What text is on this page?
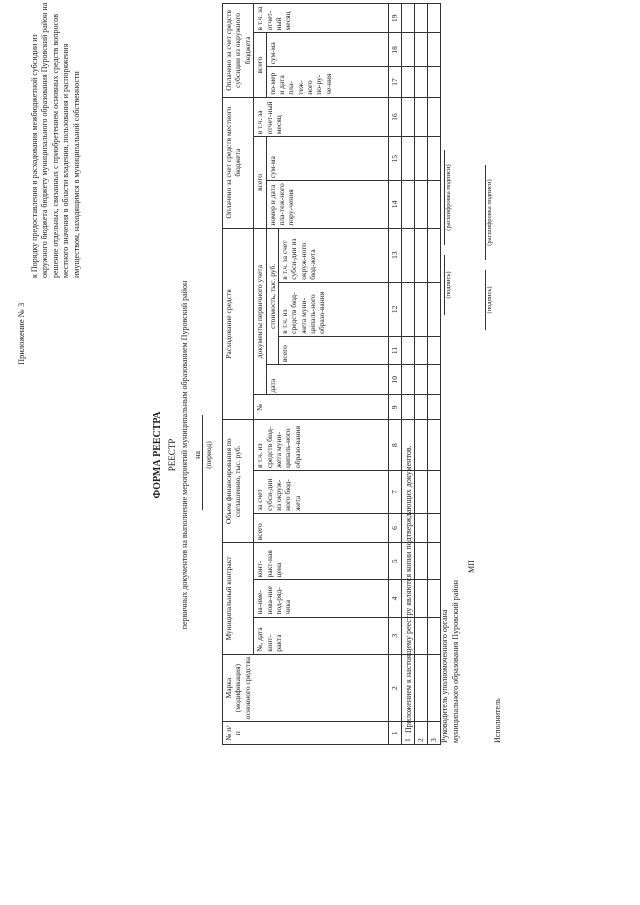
Приложение № 3
к Порядку предоставления и расходования межбюджетной субсидии из окружного бюджета бюджету муниципального образования Пуровский район на решение отдельных, связанных с приобретением основных средств вопросов местного значения в области владения, пользования и распоряжения имуществом, находящимся в муниципальной собственности
ФОРМА РЕЕСТРА РЕЕСТР первичных документов на выполнение мероприятий муниципальным образованием Пуровский район на (период)
№ п/п	Марка (модификация) основного средства	Муниципальный контракт			Объем финансирования по соглашению, тыс. руб.			Расходование средств					Оплачено за счет средств местного бюджета			Оплачено за счет средств субсидии из окружного бюджета		
		№, дата конт-ракта	на-име-нова-ние под-ряд-чика	конт-ракт-ная цена	всего	за счет субси-дии из окруж-ного бюд-жета	в т.ч. из средств бюд-жета муни-ципаль-ного образо-вания	№	документы первичного учета				всего		в т.ч. за отчет-ный месяц	всего		в т.ч. за отчет-ный месяц
									дата	стоимость, тыс. руб.			номер и дата пла-теж-ного пору-чения	сум-ма		по-мер и дата пла-теж-ного по-ру-че-ния	сум-ма	
										всего	в т.ч. из средств бюд-жета муни-ципаль-ного образо-вания	в т.ч. за счет субси-дии из окруж-ного бюд-жета						
1	2	3	4	5	6	7	8	9	10	11	12	13	14	15	16	17	18	19
1																		
2																		
3																		
Приложением к настоящему реестру являются копии подтверждающих документов.	Руководитель уполномоченного органа муниципального образования Пуровский район
МП
Исполнитель
(подпись)
(расшифровка подписи)
(подпись)
(расшифровка подписи)
